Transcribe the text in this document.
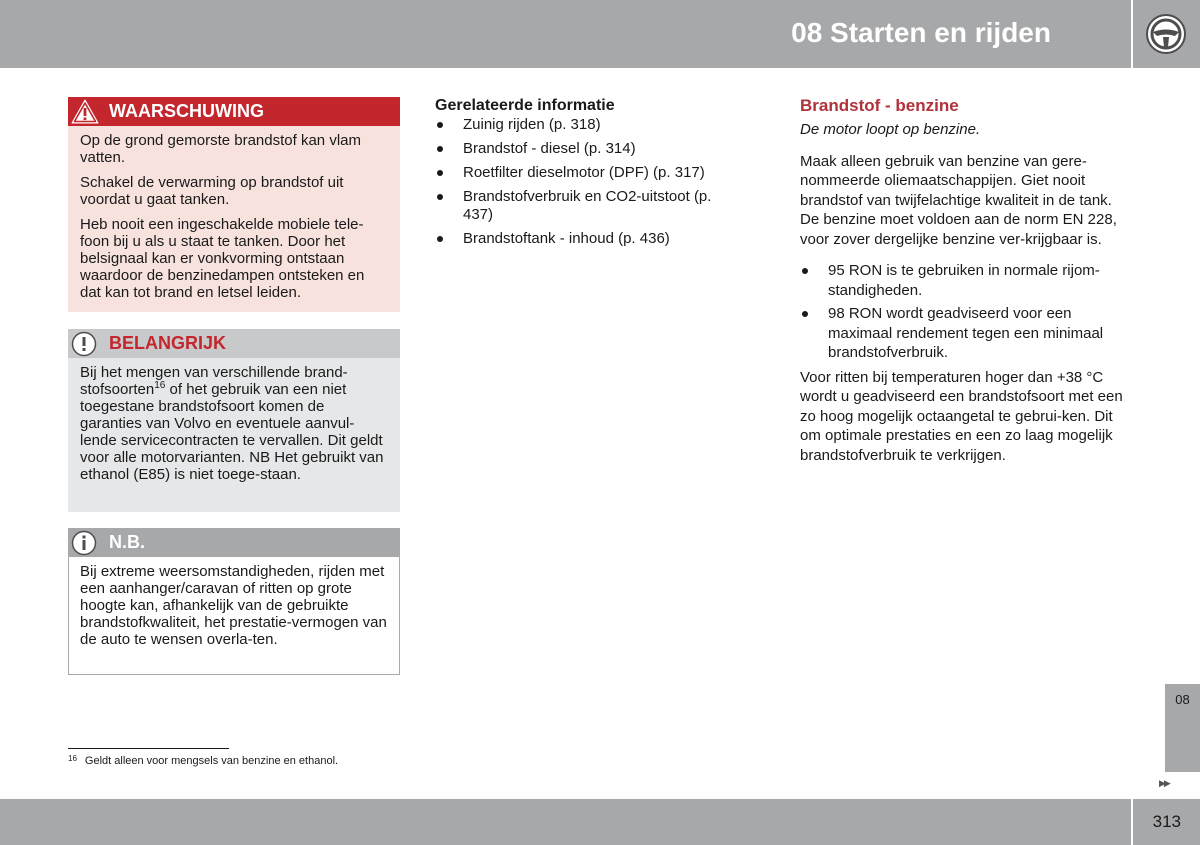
08 Starten en rijden
WAARSCHUWING

Op de grond gemorste brandstof kan vlam vatten.

Schakel de verwarming op brandstof uit voordat u gaat tanken.

Heb nooit een ingeschakelde mobiele tele-foon bij u als u staat te tanken. Door het belsignaal kan er vonkvorming ontstaan waardoor de benzinedampen ontsteken en dat kan tot brand en letsel leiden.

BELANGRIJK

Bij het mengen van verschillende brand-stofsoorten$^{16}$ of het gebruik van een niet toegestane brandstofsoort komen de garanties van Volvo en eventuele aanvul-lende servicecontracten te vervallen. Dit geldt voor alle motorvarianten. NB Het gebruikt van ethanol (E85) is niet toege-staan.

N.B.

Bij extreme weersomstandigheden, rijden met een aanhanger/caravan of ritten op grote hoogte kan, afhankelijk van de gebruikte brandstofkwaliteit, het prestatie-vermogen van de auto te wensen overla-ten.

Gerelateerde informatie
Zuinig rijden (p. 318)
Brandstof - diesel (p. 314)
Roetfilter dieselmotor (DPF) (p. 317)
Brandstofverbruik en CO2-uitstoot (p. 437)
Brandstoftank - inhoud (p. 436)
Brandstof - benzine

De motor loopt op benzine.

Maak alleen gebruik van benzine van gere-nommeerde oliemaatschappijen. Giet nooit brandstof van twijfelachtige kwaliteit in de tank. De benzine moet voldoen aan de norm EN 228, voor zover dergelijke benzine ver-krijgbaar is.

95 RON is te gebruiken in normale rijom-standigheden.
98 RON wordt geadviseerd voor een maximaal rendement tegen een minimaal brandstofverbruik.

Voor ritten bij temperaturen hoger dan +38 °C wordt u geadviseerd een brandstofsoort met een zo hoog mogelijk octaangetal te gebrui-ken. Dit om optimale prestaties en een zo laag mogelijk brandstofverbruik te verkrijgen.

$^{16}$ Geldt alleen voor mengsels van benzine en ethanol.
08
▶▶
313
